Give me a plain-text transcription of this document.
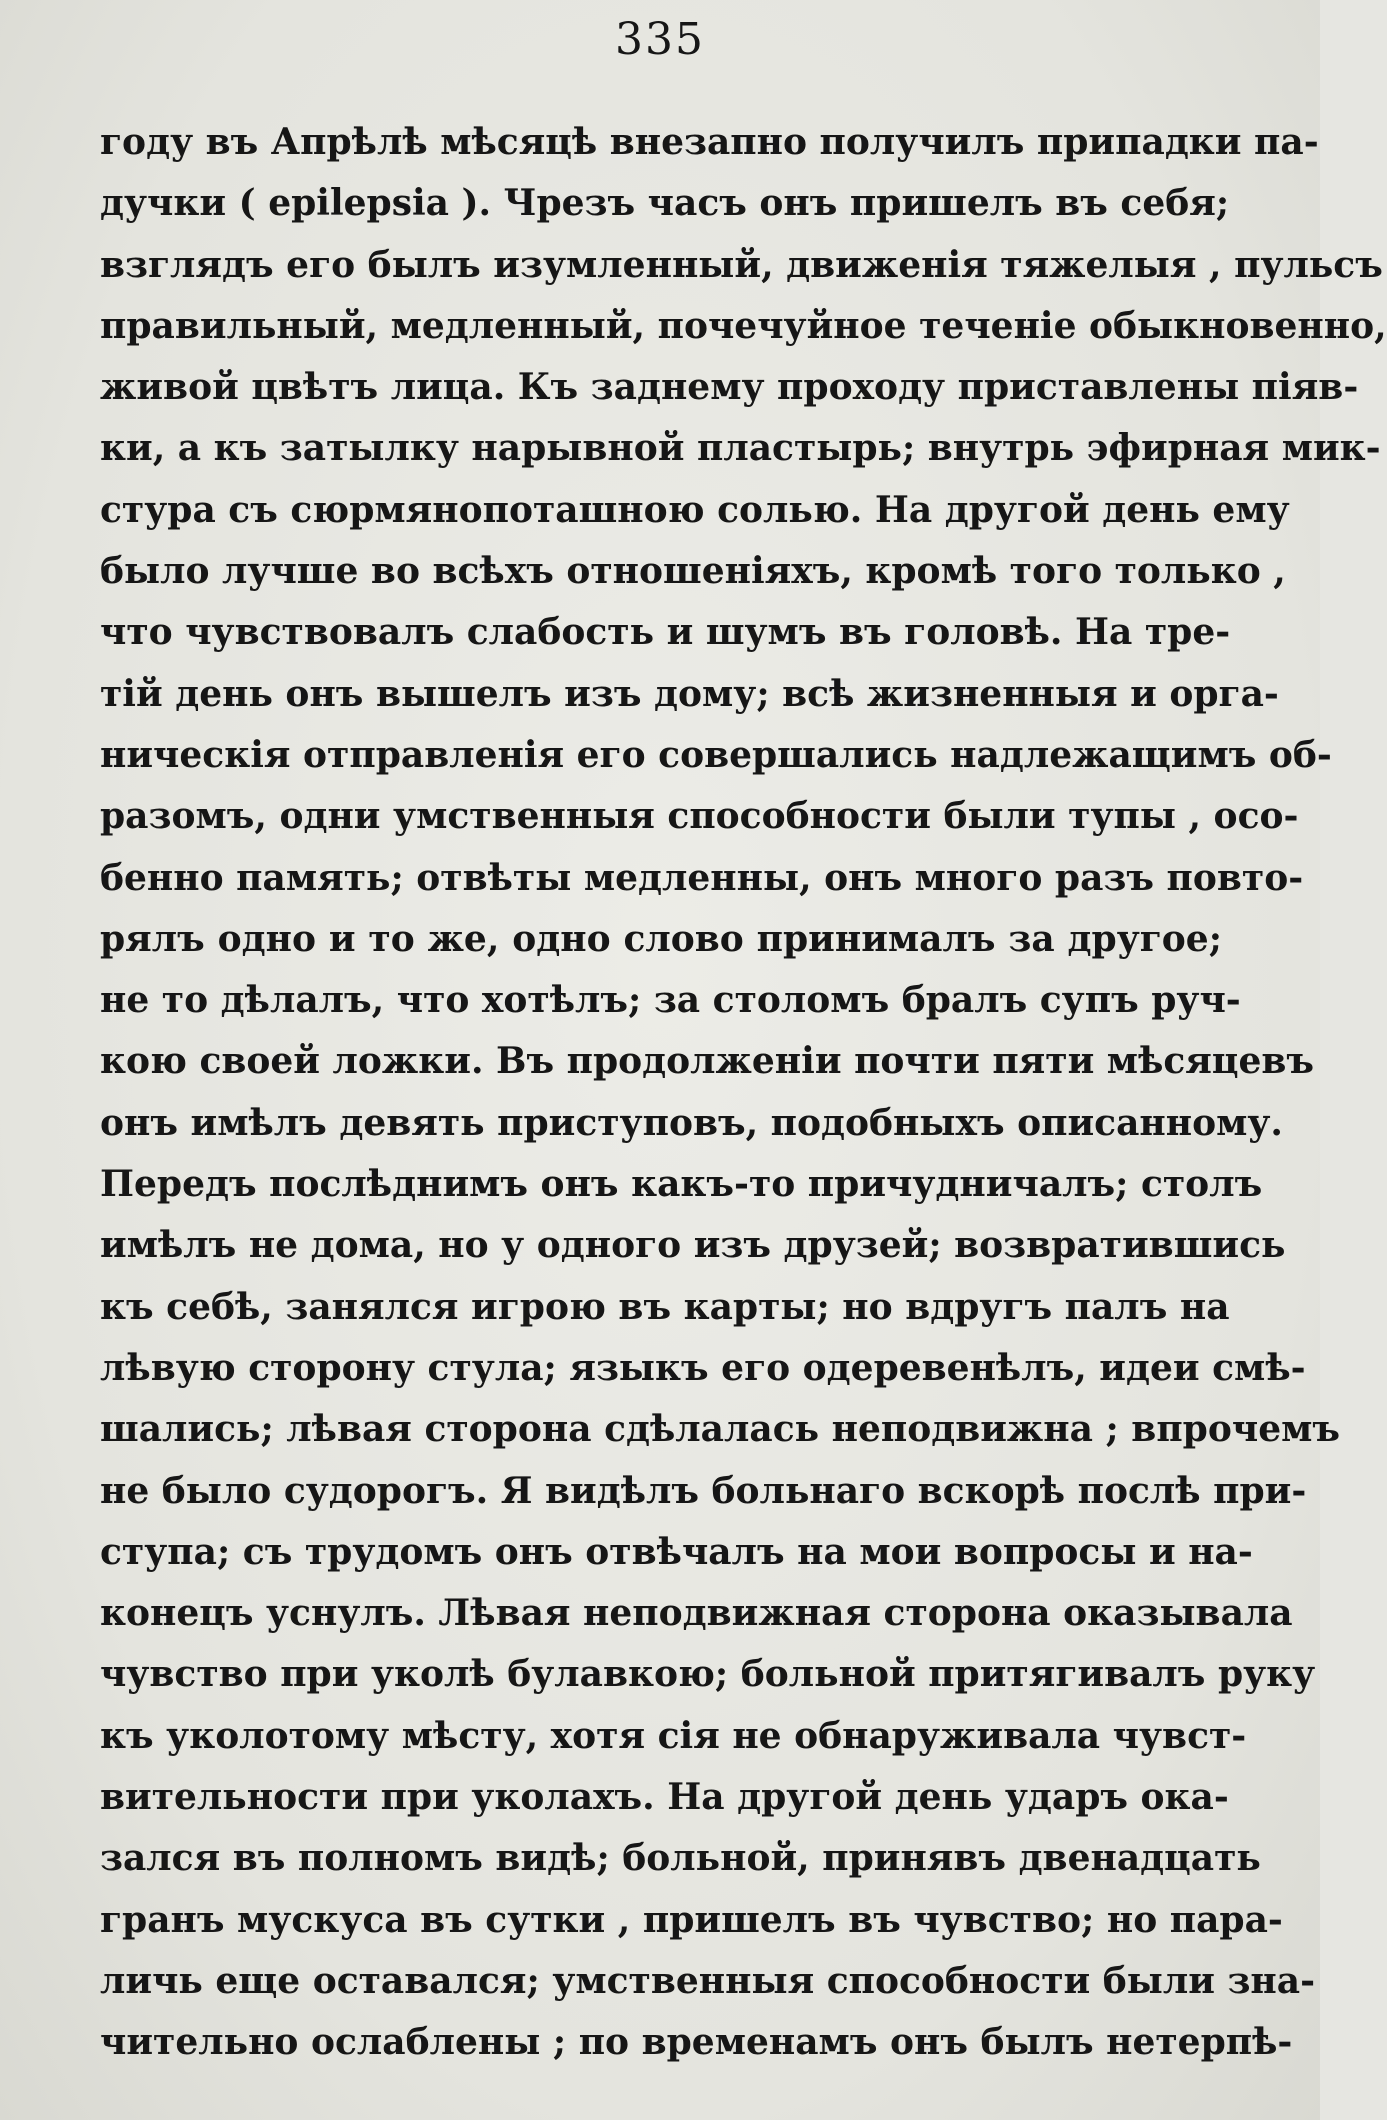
335
году въ Апрѣлѣ мѣсяцѣ внезапно получилъ припадки па-
дучки ( epilepsia ). Чрезъ часъ онъ пришелъ въ себя;
взглядъ его былъ изумленный, движенія тяжелыя , пульсъ
правильный, медленный, почечуйное теченіе обыкновенно,
живой цвѣтъ лица. Къ заднему проходу приставлены піяв-
ки, а къ затылку нарывной пластырь; внутрь эфирная мик-
стура съ сюрмянопоташною солью. На другой день ему
было лучше во всѣхъ отношеніяхъ, кромѣ того только ,
что чувствовалъ слабость и шумъ въ головѣ. На тре-
тій день онъ вышелъ изъ дому; всѣ жизненныя и орга-
ническія отправленія его совершались надлежащимъ об-
разомъ, одни умственныя способности были тупы , осо-
бенно память; отвѣты медленны, онъ много разъ повто-
рялъ одно и то же, одно слово принималъ за другое;
не то дѣлалъ, что хотѣлъ; за столомъ бралъ супъ руч-
кою своей ложки. Въ продолженіи почти пяти мѣсяцевъ
онъ имѣлъ девять приступовъ, подобныхъ описанному.
Передъ послѣднимъ онъ какъ-то причудничалъ; столъ
имѣлъ не дома, но у одного изъ друзей; возвратившись
къ себѣ, занялся игрою въ карты; но вдругъ палъ на
лѣвую сторону стула; языкъ его одеревенѣлъ, идеи смѣ-
шались; лѣвая сторона сдѣлалась неподвижна ; впрочемъ
не было судорогъ. Я видѣлъ больнаго вскорѣ послѣ при-
ступа; съ трудомъ онъ отвѣчалъ на мои вопросы и на-
конецъ уснулъ. Лѣвая неподвижная сторона оказывала
чувство при уколѣ булавкою; больной притягивалъ руку
къ уколотому мѣсту, хотя сія не обнаруживала чувст-
вительности при уколахъ. На другой день ударъ ока-
зался въ полномъ видѣ; больной, принявъ двенадцать
гранъ мускуса въ сутки , пришелъ въ чувство; но пара-
личь еще оставался; умственныя способности были зна-
чительно ослаблены ; по временамъ онъ былъ нетерпѣ-
